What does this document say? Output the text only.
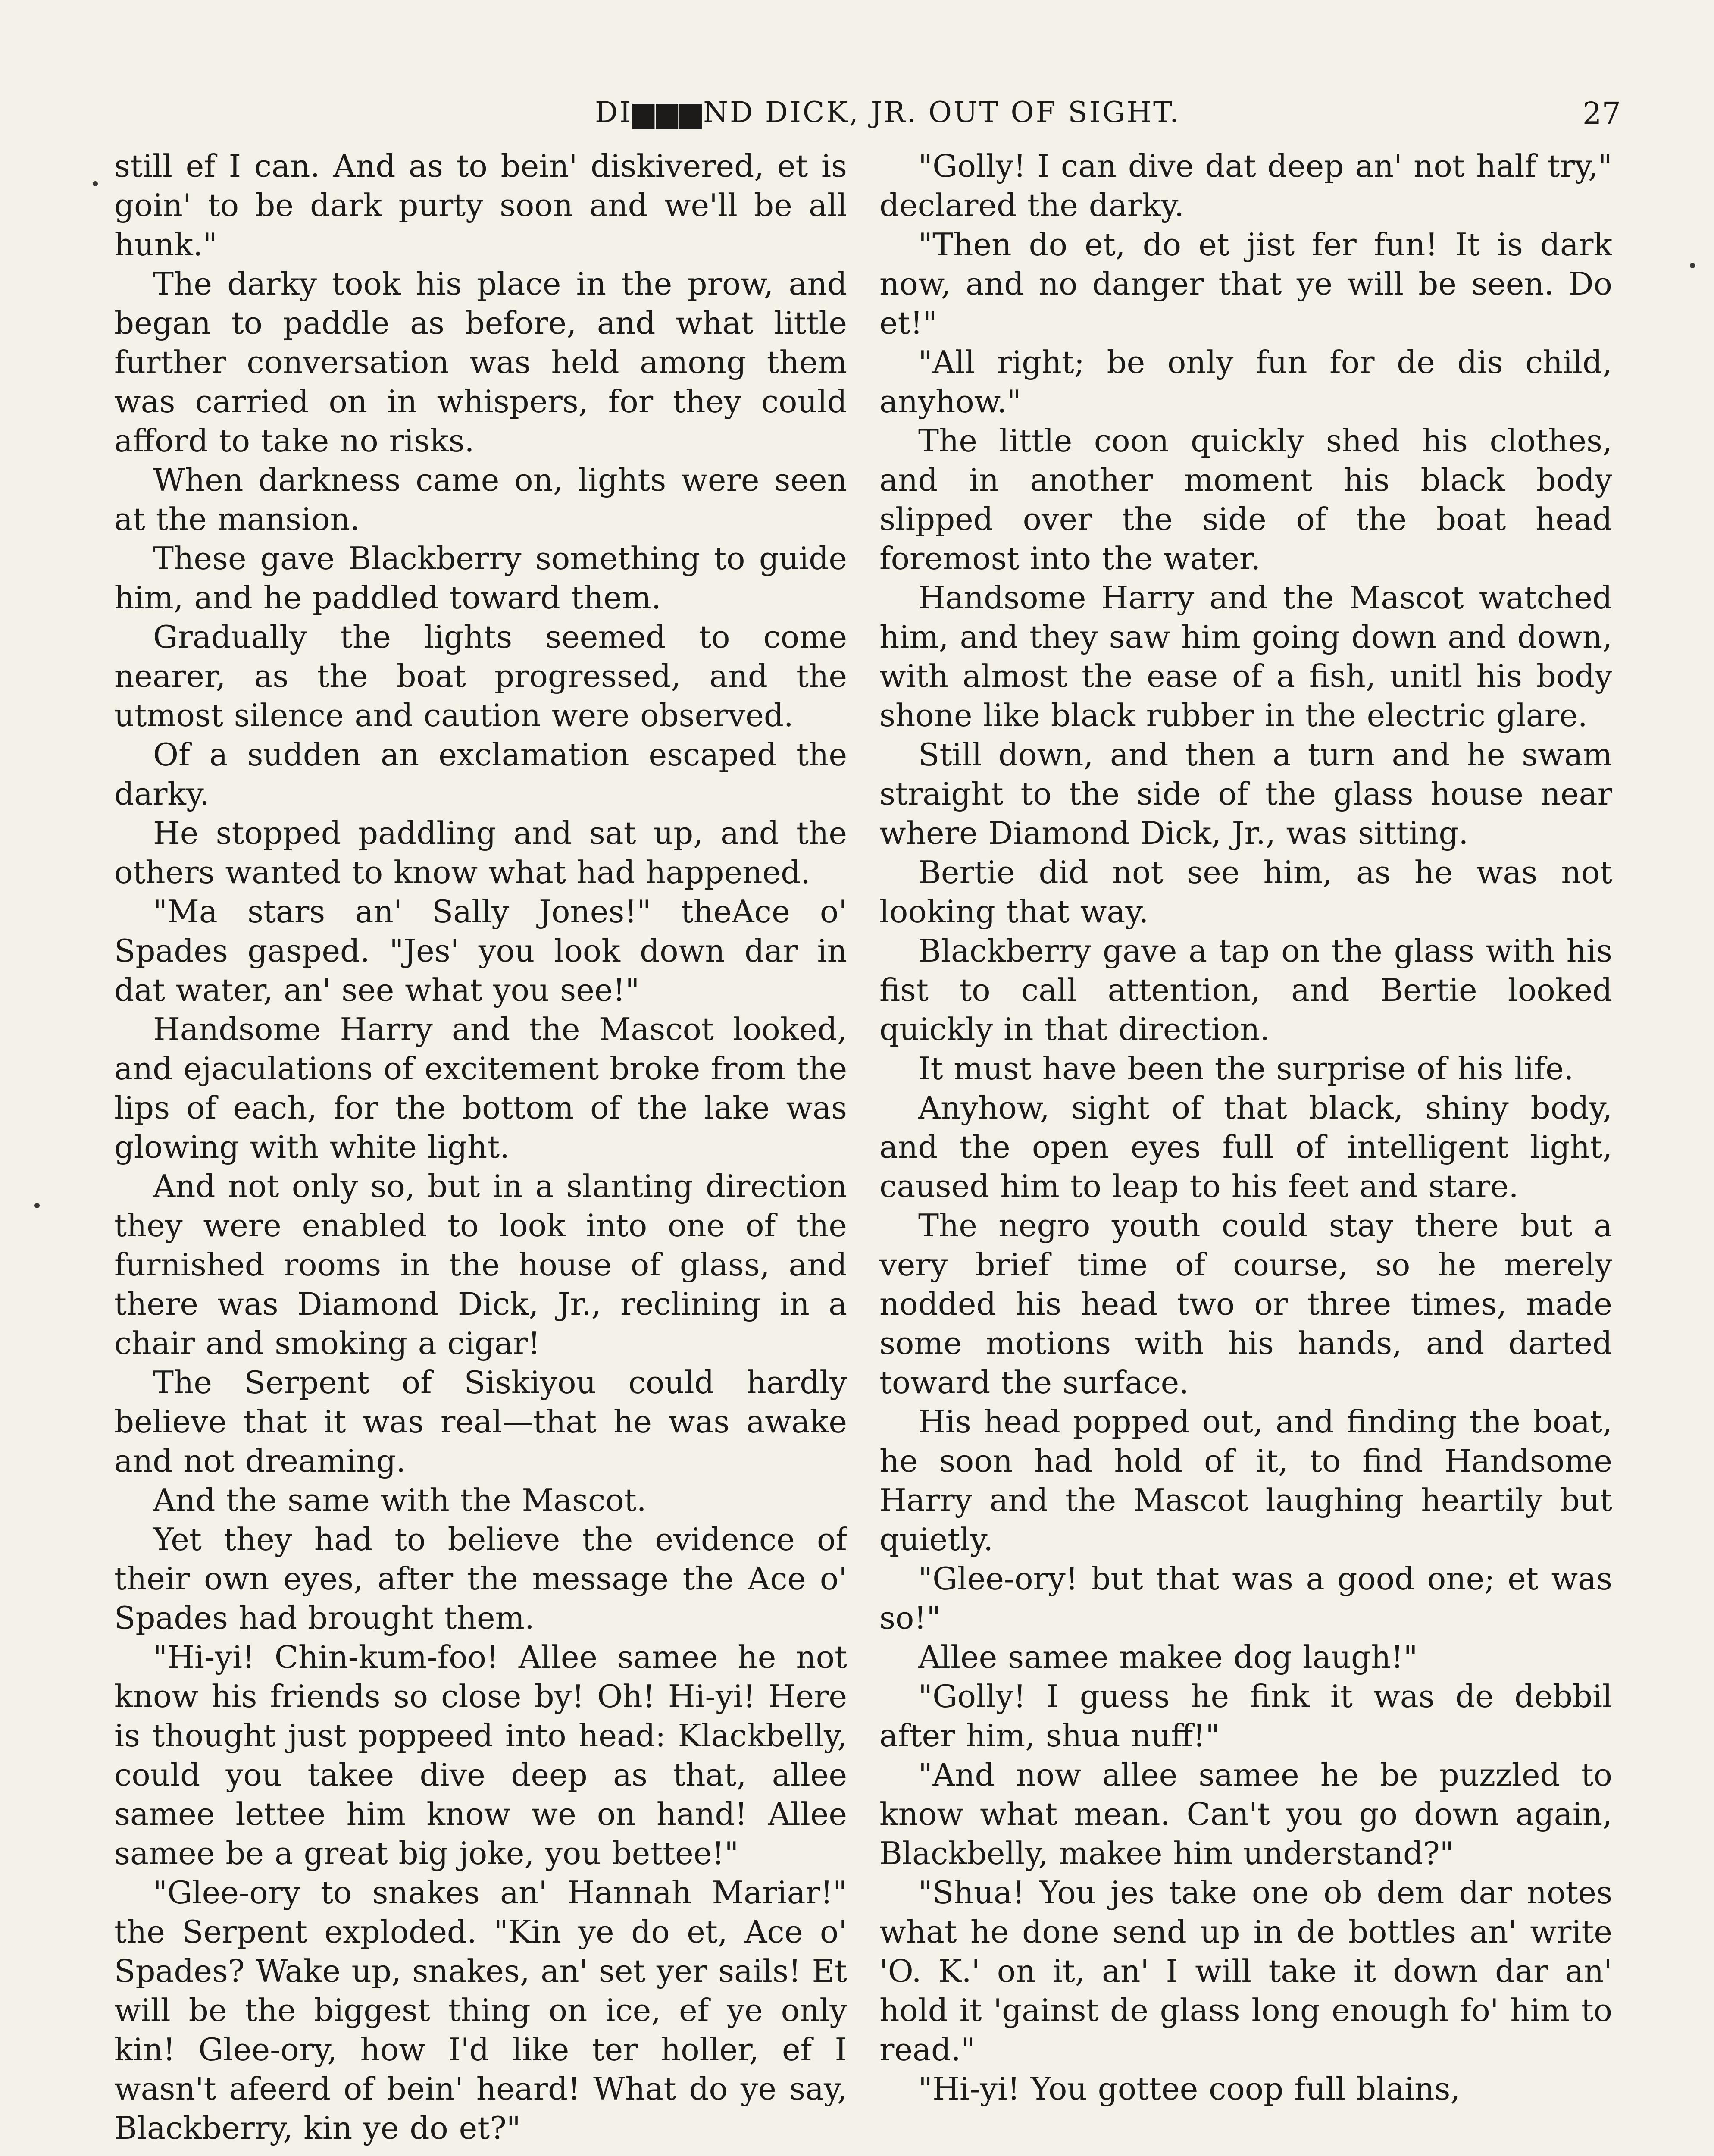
DI▆▆▆ND DICK, JR. OUT OF SIGHT.	27

still ef I can. And as to bein' diskivered, et is goin' to be dark purty soon and we'll be all hunk."

The darky took his place in the prow, and began to paddle as before, and what little further conversation was held among them was carried on in whispers, for they could afford to take no risks.

When darkness came on, lights were seen at the mansion.

These gave Blackberry something to guide him, and he paddled toward them.

Gradually the lights seemed to come nearer, as the boat progressed, and the utmost silence and caution were observed.

Of a sudden an exclamation escaped the darky.

He stopped paddling and sat up, and the others wanted to know what had happened.

"Ma stars an' Sally Jones!" theAce o' Spades gasped. "Jes' you look down dar in dat water, an' see what you see!"

Handsome Harry and the Mascot looked, and ejaculations of excitement broke from the lips of each, for the bottom of the lake was glowing with white light.

And not only so, but in a slanting direction they were enabled to look into one of the furnished rooms in the house of glass, and there was Diamond Dick, Jr., reclining in a chair and smoking a cigar!

The Serpent of Siskiyou could hardly believe that it was real—that he was awake and not dreaming.

And the same with the Mascot.

Yet they had to believe the evidence of their own eyes, after the message the Ace o' Spades had brought them.

"Hi-yi! Chin-kum-foo! Allee samee he not know his friends so close by! Oh! Hi-yi! Here is thought just poppeed into head: Klackbelly, could you takee dive deep as that, allee samee lettee him know we on hand! Allee samee be a great big joke, you bettee!"

"Glee-ory to snakes an' Hannah Mariar!" the Serpent exploded. "Kin ye do et, Ace o' Spades? Wake up, snakes, an' set yer sails! Et will be the biggest thing on ice, ef ye only kin! Glee-ory, how I'd like ter holler, ef I wasn't afeerd of bein' heard! What do ye say, Blackberry, kin ye do et?"

"Golly! I can dive dat deep an' not half try," declared the darky.

"Then do et, do et jist fer fun! It is dark now, and no danger that ye will be seen. Do et!"

"All right; be only fun for de dis child, anyhow."

The little coon quickly shed his clothes, and in another moment his black body slipped over the side of the boat head foremost into the water.

Handsome Harry and the Mascot watched him, and they saw him going down and down, with almost the ease of a fish, unitl his body shone like black rubber in the electric glare.

Still down, and then a turn and he swam straight to the side of the glass house near where Diamond Dick, Jr., was sitting.

Bertie did not see him, as he was not looking that way.

Blackberry gave a tap on the glass with his fist to call attention, and Bertie looked quickly in that direction.

It must have been the surprise of his life.

Anyhow, sight of that black, shiny body, and the open eyes full of intelligent light, caused him to leap to his feet and stare.

The negro youth could stay there but a very brief time of course, so he merely nodded his head two or three times, made some motions with his hands, and darted toward the surface.

His head popped out, and finding the boat, he soon had hold of it, to find Handsome Harry and the Mascot laughing heartily but quietly.

"Glee-ory! but that was a good one; et was so!"

Allee samee makee dog laugh!"

"Golly! I guess he fink it was de debbil after him, shua nuff!"

"And now allee samee he be puzzled to know what mean. Can't you go down again, Blackbelly, makee him understand?"

"Shua! You jes take one ob dem dar notes what he done send up in de bottles an' write 'O. K.' on it, an' I will take it down dar an' hold it 'gainst de glass long enough fo' him to read."

"Hi-yi! You gottee coop full blains,
